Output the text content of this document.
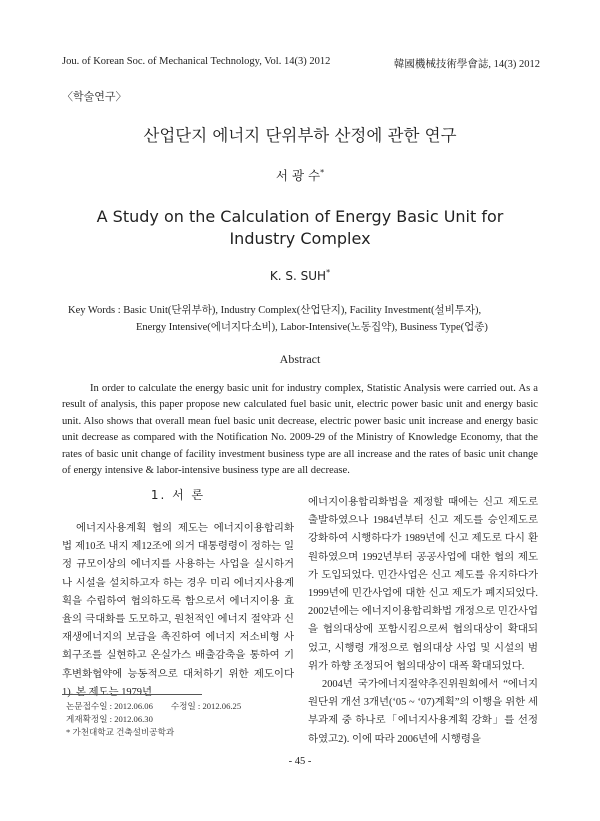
Jou. of Korean Soc. of Mechanical Technology, Vol. 14(3) 2012	韓國機械技術學會誌, 14(3) 2012
〈학술연구〉
산업단지 에너지 단위부하 산정에 관한 연구
서 광 수*
A Study on the Calculation of Energy Basic Unit for
Industry Complex
K. S. SUH*
Key Words : Basic Unit(단위부하), Industry Complex(산업단지), Facility Investment(설비투자),
Energy Intensive(에너지다소비), Labor-Intensive(노동집약), Business Type(업종)
Abstract
In order to calculate the energy basic unit for industry complex, Statistic Analysis were carried out. As a result of analysis, this paper propose new calculated fuel basic unit, electric power basic unit and energy basic unit. Also shows that overall mean fuel basic unit decrease, electric power basic unit increase and energy basic unit decrease as compared with the Notification No. 2009-29 of the Ministry of Knowledge Economy, that the rates of basic unit change of facility investment business type are all increase and the rates of basic unit change of energy intensive & labor-intensive business type are all decrease.
1. 서 론
에너지사용계획 협의 제도는 에너지이용합리화법 제10조 내지 제12조에 의거 대통령령이 정하는 일정 규모이상의 에너지를 사용하는 사업을 실시하거나 시설을 설치하고자 하는 경우 미리 에너지사용계획을 수립하여 협의하도록 함으로서 에너지이용 효율의 극대화를 도모하고, 원천적인 에너지 절약과 신재생에너지의 보급을 촉진하여 에너지 저소비형 사회구조를 실현하고 온실가스 배출감축을 통하여 기후변화협약에 능동적으로 대처하기 위한 제도이다1). 본 제도는 1979년

에너지이용합리화법을 제정할 때에는 신고 제도로 출발하였으나 1984년부터 신고 제도를 승인제도로 강화하여 시행하다가 1989년에 신고 제도로 다시 환원하였으며 1992년부터 공공사업에 대한 협의 제도가 도입되었다. 민간사업은 신고 제도를 유지하다가 1999년에 민간사업에 대한 신고 제도가 폐지되었다. 2002년에는 에너지이용합리화법 개정으로 민간사업을 협의대상에 포함시킴으로써 협의대상이 확대되었고, 시행령 개정으로 협의대상 사업 및 시설의 범위가 하향 조정되어 협의대상이 대폭 확대되었다.

2004년 국가에너지절약추진위원회에서 “에너지 원단위 개선 3개년(‘05 ~ ‘07)계획”의 이행을 위한 세부과제 중 하나로「에너지사용계획 강화」를 선정하였고2). 이에 따라 2006년에 시행령을

논문접수일 : 2012.06.06 수정일 : 2012.06.25
게재확정일 : 2012.06.30
* 가천대학교 건축설비공학과
- 45 -
